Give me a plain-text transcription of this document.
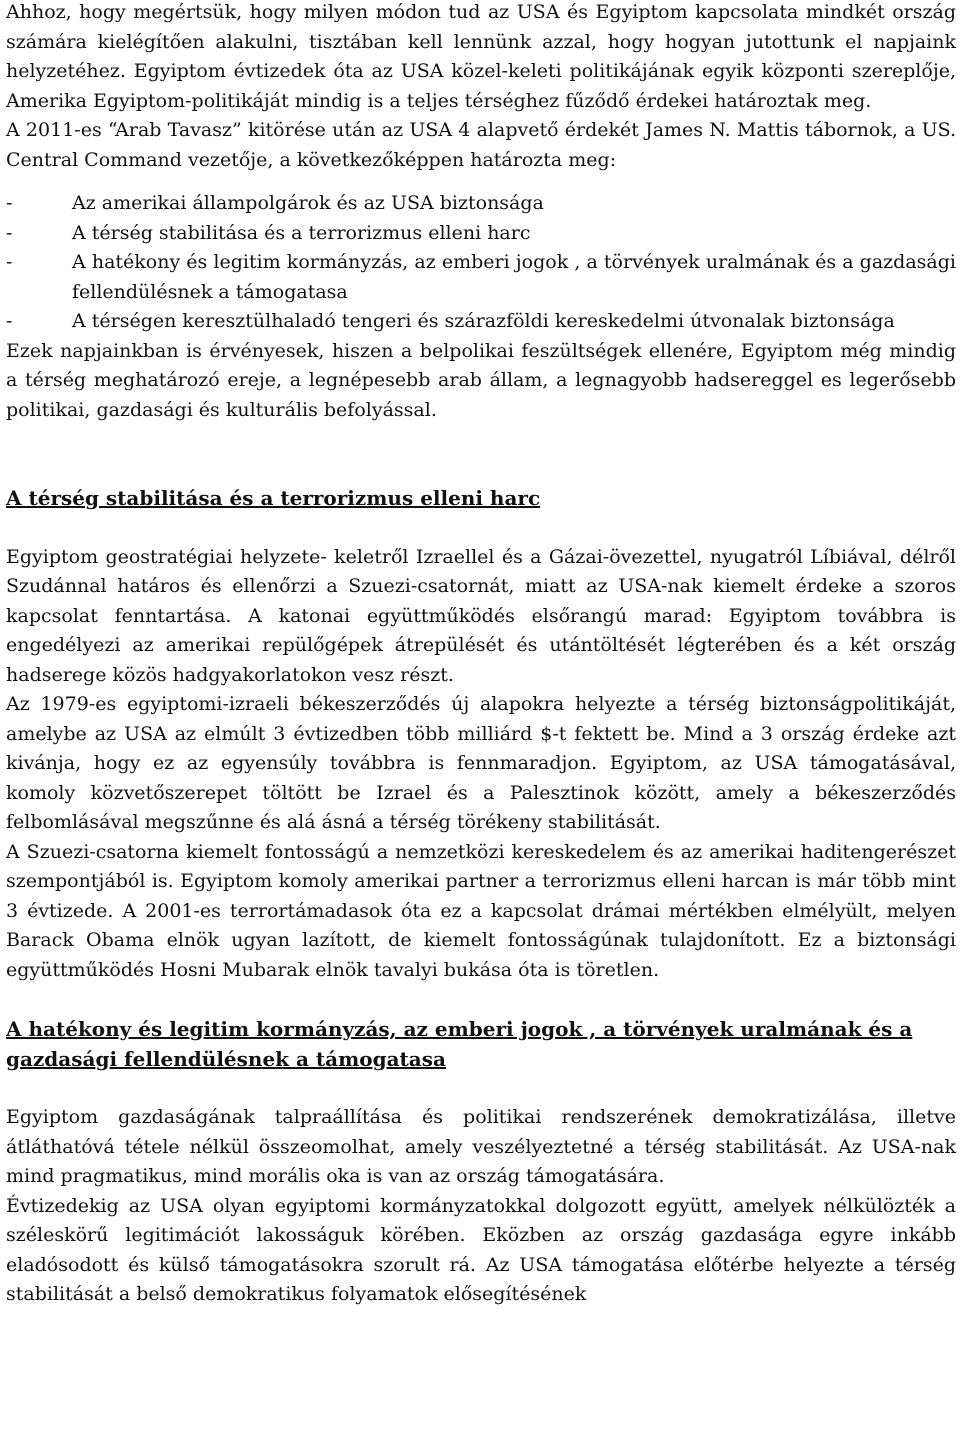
Ahhoz, hogy megértsük, hogy milyen módon tud az USA és Egyiptom kapcsolata mindkét ország számára kielégítően alakulni, tisztában kell lennünk azzal, hogy hogyan jutottunk el napjaink helyzetéhez. Egyiptom évtizedek óta az USA közel-keleti politikájának egyik központi szereplője, Amerika Egyiptom-politikáját mindig is a teljes térséghez fűződő érdekei határoztak meg.

A 2011-es “Arab Tavasz” kitörése után az USA 4 alapvető érdekét James N. Mattis tábornok, a US. Central Command vezetője, a következőképpen határozta meg:

- Az amerikai állampolgárok és az USA biztonsága
- A térség stabilitása és a terrorizmus elleni harc
- A hatékony és legitim kormányzás, az emberi jogok , a törvények uralmának és a gazdasági fellendülésnek a támogatasa
- A térségen keresztülhaladó tengeri és szárazföldi kereskedelmi útvonalak biztonsága

Ezek napjainkban is érvényesek, hiszen a belpolikai feszültségek ellenére, Egyiptom még mindig a térség meghatározó ereje, a legnépesebb arab állam, a legnagyobb hadsereggel es legerősebb politikai, gazdasági és kulturális befolyással.

A térség stabilitása és a terrorizmus elleni harc

Egyiptom geostratégiai helyzete- keletről Izraellel és a Gázai-övezettel, nyugatról Líbiával, délről Szudánnal határos és ellenőrzi a Szuezi-csatornát, miatt az USA-nak kiemelt érdeke a szoros kapcsolat fenntartása. A katonai együttműködés elsőrangú marad: Egyiptom továbbra is engedélyezi az amerikai repülőgépek átrepülését és utántöltését légterében és a két ország hadserege közös hadgyakorlatokon vesz részt.

Az 1979-es egyiptomi-izraeli békeszerződés új alapokra helyezte a térség biztonságpolitikáját, amelybe az USA az elmúlt 3 évtizedben több milliárd $-t fektett be. Mind a 3 ország érdeke azt kivánja, hogy ez az egyensúly továbbra is fennmaradjon. Egyiptom, az USA támogatásával, komoly közvetőszerepet töltött be Izrael és a Palesztinok között, amely a békeszerződés felbomlásával megszűnne és alá ásná a térség törékeny stabilitását.

A Szuezi-csatorna kiemelt fontosságú a nemzetközi kereskedelem és az amerikai haditengerészet szempontjából is. Egyiptom komoly amerikai partner a terrorizmus elleni harcan is már több mint 3 évtizede. A 2001-es terrortámadasok óta ez a kapcsolat drámai mértékben elmélyült, melyen Barack Obama elnök ugyan lazított, de kiemelt fontosságúnak tulajdonított. Ez a biztonsági együttműködés Hosni Mubarak elnök tavalyi bukása óta is töretlen.

A hatékony és legitim kormányzás, az emberi jogok , a törvények uralmának és a gazdasági fellendülésnek a támogatasa

Egyiptom gazdaságának talpraállítása és politikai rendszerének demokratizálása, illetve átláthatóvá tétele nélkül összeomolhat, amely veszélyeztetné a térség stabilitását. Az USA-nak mind pragmatikus, mind morális oka is van az ország támogatására.

Évtizedekig az USA olyan egyiptomi kormányzatokkal dolgozott együtt, amelyek nélkülözték a széleskörű legitimációt lakosságuk körében. Eközben az ország gazdasága egyre inkább eladósodott és külső támogatásokra szorult rá. Az USA támogatása előtérbe helyezte a térség stabilitását a belső demokratikus folyamatok elősegítésének
